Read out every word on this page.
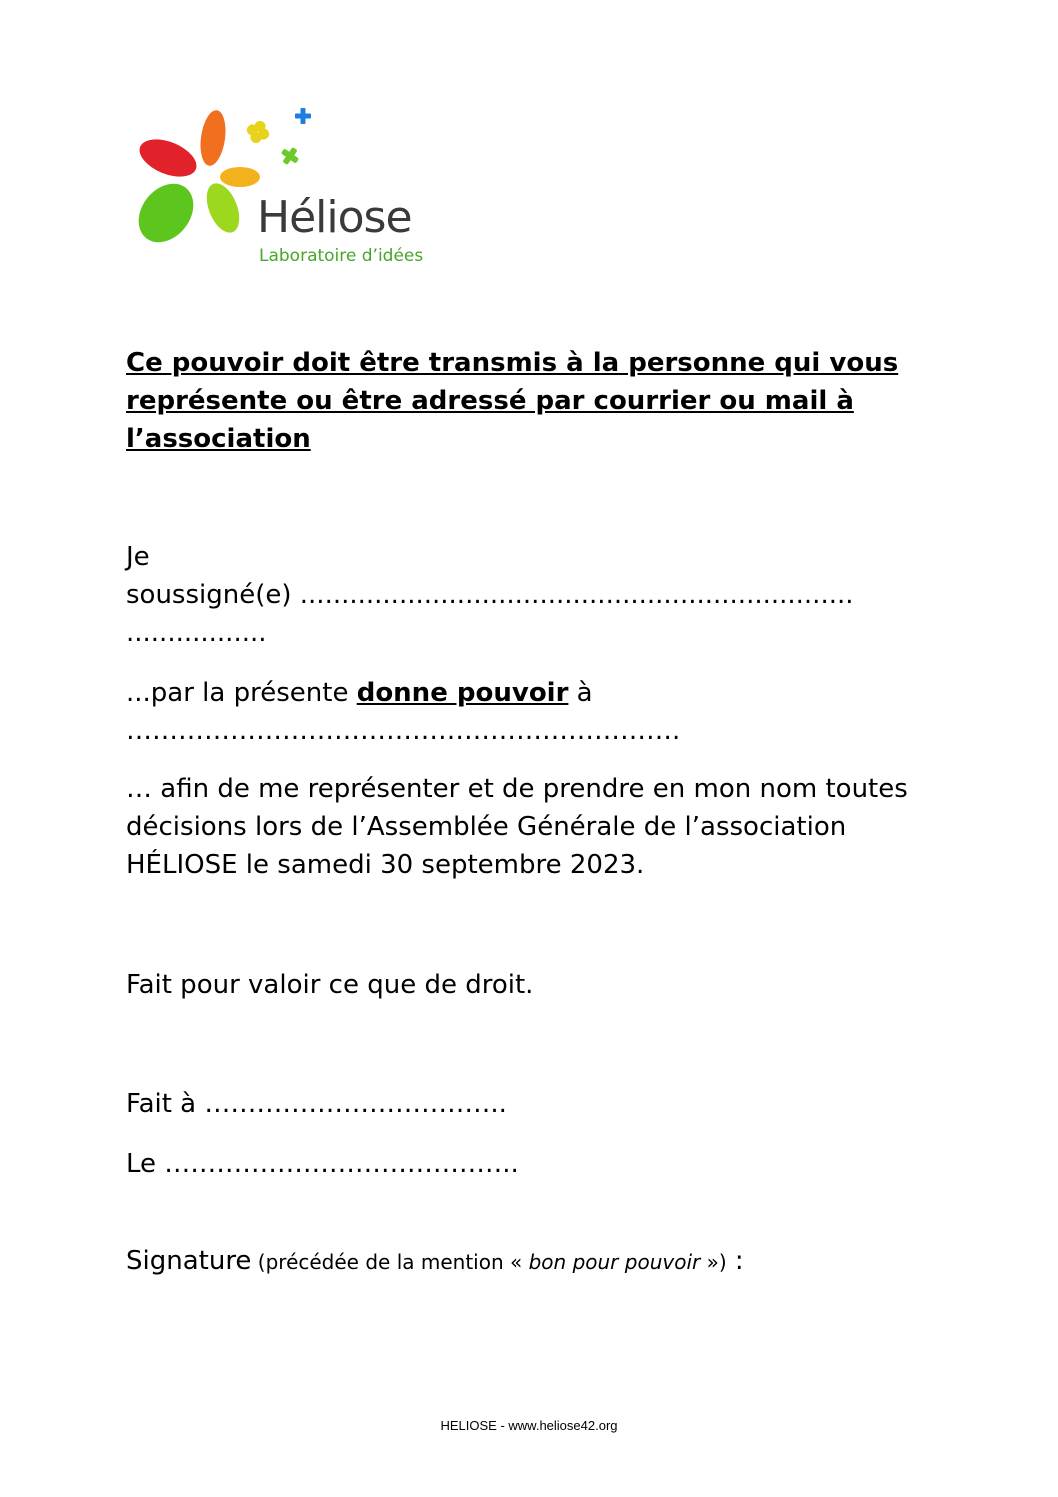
Héliose
Laboratoire d’idées
Ce pouvoir doit être transmis à la personne qui vous représente ou être adressé par courrier ou mail à l’association

Je
soussigné(e) ...................................................................
.................

...par la présente donne pouvoir à
……………………………………………………….

… afin de me représenter et de prendre en mon nom toutes décisions lors de l’Assemblée Générale de l’association HÉLIOSE le samedi 30 septembre 2023.

Fait pour valoir ce que de droit.

Fait à ……………………………..

Le …………………………………..

Signature (précédée de la mention « bon pour pouvoir ») :

HELIOSE - www.heliose42.org
